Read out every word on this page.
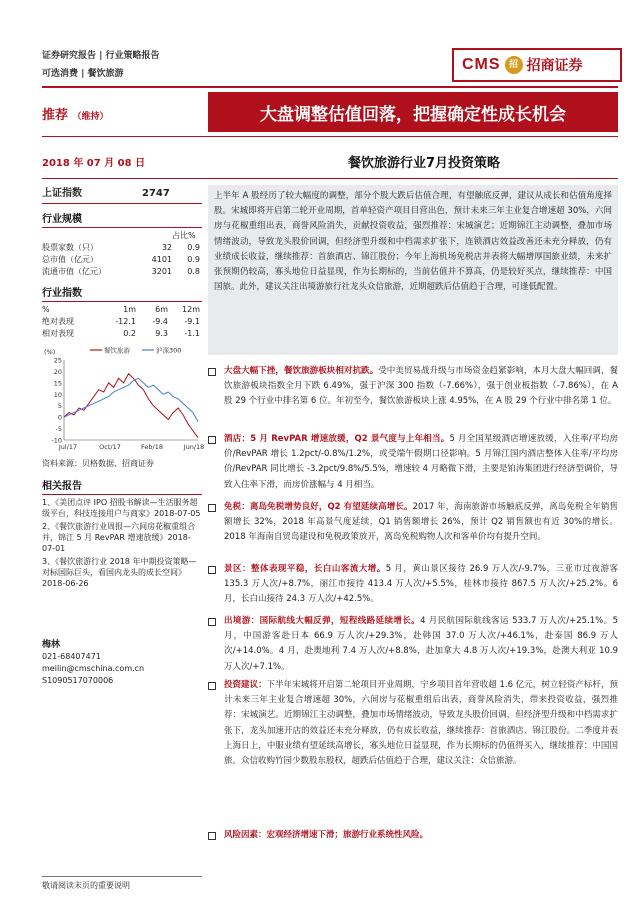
证券研究报告 | 行业策略报告
可选消费 | 餐饮旅游
CMS 招 招商证券
推荐 （维持）	大盘调整估值回落，把握确定性成长机会
2018 年 07 月 08 日	餐饮旅游行业7月投资策略
上证指数	2747
行业规模
占比%
股票家数（只）	32	0.9
总市值（亿元）	4101	0.9
流通市值（亿元）	3201	0.8
行业指数
%	1m	6m	12m
绝对表现	-12.1	-9.4	-9.1
相对表现	0.2	9.3	-1.1
25
20
15
10
5
0
-5
-10
(%)
Jul/17	Oct/17	Feb/18	Jun/18
餐饮旅游	沪深300
资料来源：贝格数据、招商证券
相关报告
1、《美团点评 IPO 招股书解读—生活服务超级平台，科技连接用户与商家》2018-07-05
2、《餐饮旅游行业周报—六间房花椒重组合并，锦江 5 月 RevPAR 增速放缓》2018-07-01
3、《餐饮旅游行业 2018 年中期投资策略—对标国际巨头，看国内龙头的成长空间》2018-06-26
梅林
021-68407471
meilin@cmschina.com.cn
S1090517070006
上半年 A 股经历了较大幅度的调整，部分个股大跌后估值合理，有望触底反弹，建议从成长和估值角度择股。宋城即将开启第二轮开业周期，首单轻资产项目目营出色，预计未来三年主业复合增速超 30%，六间房与花椒重组出表，商誉风险消失，贡献投资收益，强烈推荐：宋城演艺；近期锦江主动调整，叠加市场情绪波动，导致龙头股价回调，但经济型升级和中档需求扩张下，连锁酒店效益改善还未充分释放，仍有业绩成长收益，继续推荐：首旅酒店、锦江股份；今年上海机场免税店并表将大幅增厚国旅业绩，未来扩张预期仍较高，寡头地位日益显现，作为长期标的，当前估值并不算高，仍是较好买点，继续推荐：中国国旅。此外，建议关注出境游旅行社龙头众信旅游，近期超跌后估值趋于合理，可逢低配置。
大盘大幅下挫，餐饮旅游板块相对抗跌。受中美贸易战升级与市场资金趋紧影响，本月大盘大幅回调，餐饮旅游板块指数全月下跌 6.49%，强于沪深 300 指数（-7.66%），强于创业板指数（-7.86%），在 A 股 29 个行业中排名第 6 位。年初至今，餐饮旅游板块上涨 4.95%，在 A 股 29 个行业中排名第 1 位。
酒店：5 月 RevPAR 增速放缓，Q2 景气度与上年相当。5 月全国星级酒店增速放缓，入住率/平均房价/RevPAR 增长 1.2pct/-0.8%/1.2%，或受端午假期口径影响。5 月锦江国内酒店整体入住率/平均房价/RevPAR 同比增长 -3.2pct/9.8%/5.5%，增速较 4 月略微下滑，主要是铂涛集团进行经济型调价，导致入住率下滑，而房价涨幅与 4 月相当。
免税：离岛免税增势良好，Q2 有望延续高增长。2017 年，海南旅游市场触底反弹，离岛免税全年销售额增长 32%，2018 年高景气度延续，Q1 销售额增长 26%，预计 Q2 销售额也有近 30%的增长。2018 年海南自贸岛建设和免税政策放开，离岛免税购物人次和客单价均有提升空间。
景区：整体表现平稳，长白山客流大增。5 月，黄山景区接待 26.9 万人次/-9.7%，三亚市过夜游客 135.3 万人次/+8.7%，丽江市接待 413.4 万人次/+5.5%，桂林市接待 867.5 万人次/+25.2%。6 月，长白山接待 24.3 万人次/+42.5%。
出境游：国际航线大幅反弹，短程线路延续增长。4 月民航国际航线客运 533.7 万人次/+25.1%。5 月，中国游客赴日本 66.9 万人次/+29.3%，赴韩国 37.0 万人次/+46.1%，赴泰国 86.9 万人次/+14.0%。4 月，赴奥地利 7.4 万人次/+8.8%，赴加拿大 4.8 万人次/+19.3%，赴澳大利亚 10.9 万人次/+7.1%。
投资建议：下半年宋城将开启第二轮项目开业周期，宁乡项目首年营收超 1.6 亿元，树立轻资产标杆，预计未来三年主业复合增速超 30%，六间房与花椒重组后出表，商誉风险消失，带来投资收益，强烈推荐：宋城演艺。近期锦江主动调整，叠加市场情绪波动，导致龙头股价回调，但经济型升级和中档需求扩张下，龙头加速开店的效益还未充分释放，仍有成长收益，继续推荐：首旅酒店、锦江股份。二季度并表上海日上，中服业绩有望延续高增长，寡头地位日益显现，作为长期标的仍值得买入，继续推荐：中国国旅。众信收购竹园少数股东股权，超跌后估值趋于合理，建议关注：众信旅游。
风险因素：宏观经济增速下滑；旅游行业系统性风险。
敬请阅读末页的重要说明
